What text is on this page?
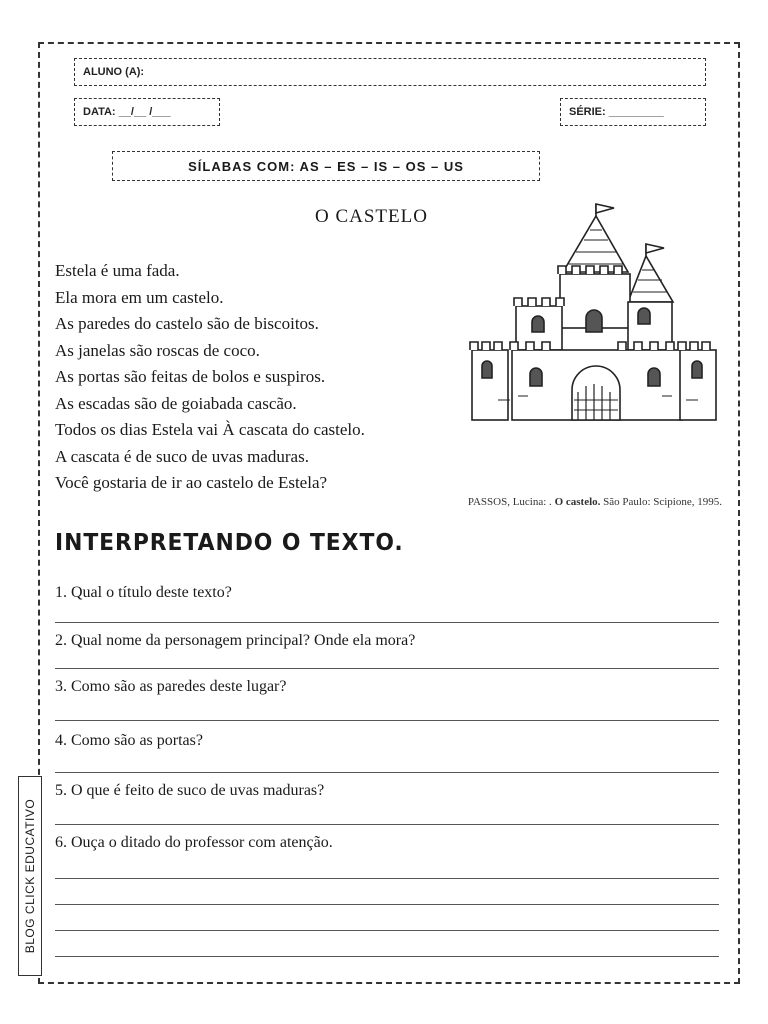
ALUNO (A):
DATA: __/__ /___	SÉRIE: _________
SÍLABAS COM: AS – ES – IS – OS – US
O CASTELO
Estela é uma fada.
Ela mora em um castelo.
As paredes do castelo são de biscoitos.
As janelas são roscas de coco.
As portas são feitas de bolos e suspiros.
As escadas são de goiabada cascão.
Todos os dias Estela vai À cascata do castelo.
A cascata é de suco de uvas maduras.
Você gostaria de ir ao castelo de Estela?
PASSOS, Lucina: . O castelo. São Paulo: Scipione, 1995.
INTERPRETANDO O TEXTO.
1. Qual o título deste texto?
2. Qual nome da personagem principal? Onde ela mora?
3. Como são as paredes deste lugar?
4. Como são as portas?
5. O que é feito de suco de uvas maduras?
6. Ouça o ditado do professor com atenção.
BLOG CLICK EDUCATIVO
